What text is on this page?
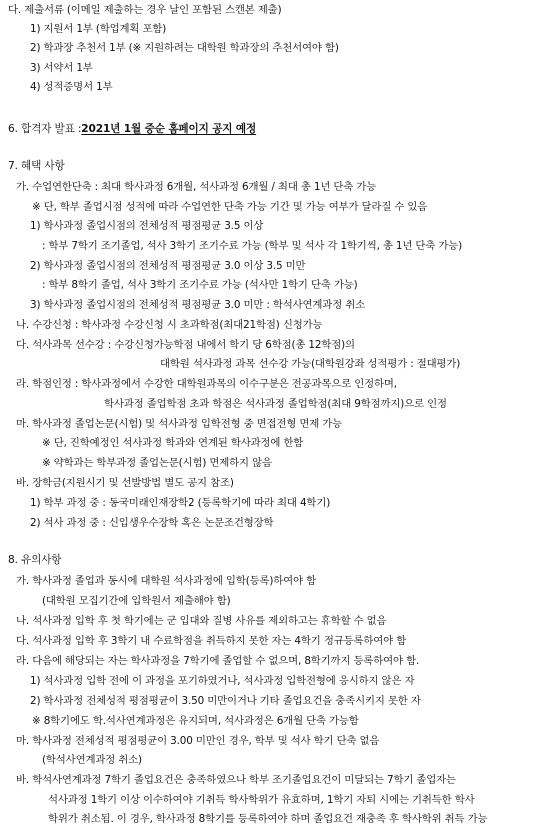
다. 제출서류 (이메일 제출하는 경우 날인 포함된 스캔본 제출)
1) 지원서 1부 (학업계획 포함)
2) 학과장 추천서 1부 (※ 지원하려는 대학원 학과장의 추천서여야 함)
3) 서약서 1부
4) 성적증명서 1부
6. 합격자 발표 :2021년 1월 중순 홈페이지 공지 예정
7. 혜택 사항
가. 수업연한단축 : 최대 학사과정 6개월, 석사과정 6개월 / 최대 총 1년 단축 가능
※ 단, 학부 졸업시점 성적에 따라 수업연한 단축 가능 기간 및 가능 여부가 달라질 수 있음
1) 학사과정 졸업시점의 전체성적 평점평균 3.5 이상
: 학부 7학기 조기졸업, 석사 3학기 조기수료 가능 (학부 및 석사 각 1학기씩, 총 1년 단축 가능)
2) 학사과정 졸업시점의 전체성적 평점평균 3.0 이상 3.5 미만
: 학부 8학기 졸업, 석사 3학기 조기수료 가능 (석사만 1학기 단축 가능)
3) 학사과정 졸업시점의 전체성적 평점평균 3.0 미만 : 학석사연계과정 취소
나. 수강신청 : 학사과정 수강신청 시 초과학점(최대21학점) 신청가능
다. 석사과목 선수강 : 수강신청가능학점 내에서 학기 당 6학점(총 12학점)의
대학원 석사과정 과목 선수강 가능(대학원강좌 성적평가 : 절대평가)
라. 학점인정 : 학사과정에서 수강한 대학원과목의 이수구분은 전공과목으로 인정하며,
학사과정 졸업학점 초과 학점은 석사과정 졸업학점(최대 9학점까지)으로 인정
마. 학사과정 졸업논문(시험) 및 석사과정 입학전형 중 면접전형 면제 가능
※ 단, 진학예정인 석사과정 학과와 연계된 학사과정에 한함
※ 약학과는 학부과정 졸업논문(시험) 면제하지 않음
바. 장학금(지원시기 및 선발방법 별도 공지 참조)
1) 학부 과정 중 : 동국미래인재장학2 (등록학기에 따라 최대 4학기)
2) 석사 과정 중 : 신입생우수장학 혹은 논문조건형장학
8. 유의사항
가. 학사과정 졸업과 동시에 대학원 석사과정에 입학(등록)하여야 함
(대학원 모집기간에 입학원서 제출해야 함)
나. 석사과정 입학 후 첫 학기에는 군 입대와 질병 사유를 제외하고는 휴학할 수 없음
다. 석사과정 입학 후 3학기 내 수료학점을 취득하지 못한 자는 4학기 정규등록하여야 함
라. 다음에 해당되는 자는 학사과정을 7학기에 졸업할 수 없으며, 8학기까지 등록하여야 함.
1) 석사과정 입학 전에 이 과정을 포기하였거나, 석사과정 입학전형에 응시하지 않은 자
2) 학사과정 전체성적 평점평균이 3.50 미만이거나 기타 졸업요건을 충족시키지 못한 자
※ 8학기에도 학.석사연계과정은 유지되며, 석사과정은 6개월 단축 가능함
마. 학사과정 전체성적 평점평균이 3.00 미만인 경우, 학부 및 석사 학기 단축 없음
(학석사연계과정 취소)
바. 학석사연계과정 7학기 졸업요건은 충족하였으나 학부 조기졸업요건이 미달되는 7학기 졸업자는
석사과정 1학기 이상 이수하여야 기취득 학사학위가 유효하며, 1학기 자퇴 시에는 기취득한 학사
학위가 취소됨. 이 경우, 학사과정 8학기를 등록하여야 하며 졸업요건 재충족 후 학사학위 취득 가능
